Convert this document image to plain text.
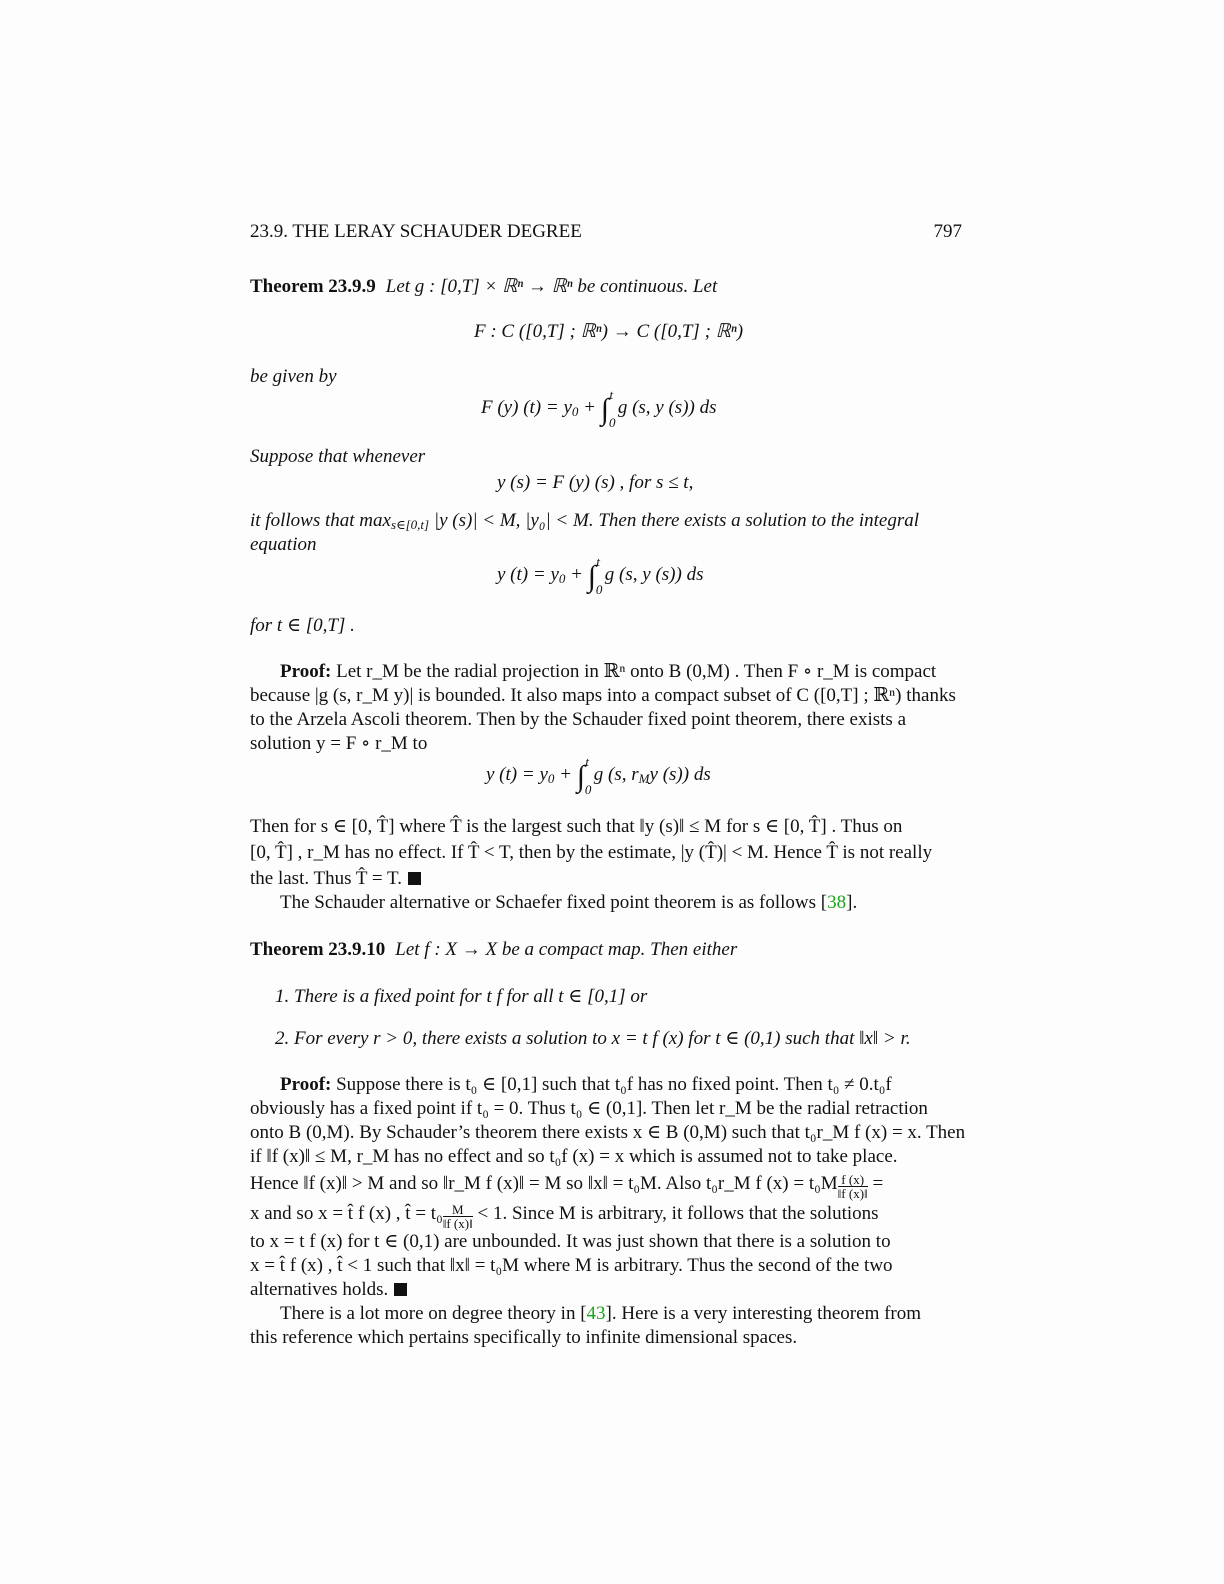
23.9. THE LERAY SCHAUDER DEGREE	797
Theorem 23.9.9 Let g : [0,T] × ℝⁿ → ℝⁿ be continuous. Let
F : C ([0,T] ; ℝⁿ) → C ([0,T] ; ℝⁿ)
be given by
F (y) $(t) = y_0 + \int_0^t$ g (s, y (s)) ds
Suppose that whenever
y (s) = F (y) (s) , for s ≤ t,
it follows that $\max_{s\in[0,t]} |y$ (s)| < M, |y₀| < M. Then there exists a solution to the integral
equation
y $(t) = y_0 + \int_0^t$ g (s, y (s)) ds
for t ∈ [0,T] .
Proof: Let r_M be the radial projection in ℝⁿ onto B (0,M) . Then F ∘ r_M is compact
because |g (s, r_M y)| is bounded. It also maps into a compact subset of C ([0,T] ; ℝⁿ) thanks
to the Arzela Ascoli theorem. Then by the Schauder fixed point theorem, there exists a
solution y = F ∘ r_M to
y $(t) = y_0 + \int_0^t$ g (s, $r_My$ (s)) ds
Then for s ∈ [0, T̂] where T̂ is the largest such that ‖y (s)‖ ≤ M for s ∈ [0, T̂] . Thus on
[0, T̂] , r_M has no effect. If T̂ < T, then by the estimate, |y (T̂)| < M. Hence T̂ is not really
the last. Thus T̂ = T.
The Schauder alternative or Schaefer fixed point theorem is as follows [38].
Theorem 23.9.10 Let f : X → X be a compact map. Then either
1. There is a fixed point for t f for all t ∈ [0,1] or
2. For every r > 0, there exists a solution to x = t f (x) for t ∈ (0,1) such that ‖x‖ > r.
Proof: Suppose there is t₀ ∈ [0,1] such that t₀f has no fixed point. Then t₀ ≠ 0.t₀f
obviously has a fixed point if t₀ = 0. Thus t₀ ∈ (0,1]. Then let r_M be the radial retraction
onto B (0,M). By Schauder’s theorem there exists x ∈ B (0,M) such that t₀r_M f (x) = x. Then
if ‖f (x)‖ ≤ M, r_M has no effect and so t₀f (x) = x which is assumed not to take place.
Hence ‖f (x)‖ > M and so ‖r_M f (x)‖ = M so ‖x‖ = t₀M. Also t₀r_M f $(x) = t_0M \frac{f (x)}{‖f (x)‖}$ =
x and so x = t̂ f (x) , t̂ = $t_0 \frac{M}{‖f (x)‖} < 1$. Since M is arbitrary, it follows that the solutions
to x = t f (x) for t ∈ (0,1) are unbounded. It was just shown that there is a solution to
x = t̂ f (x) , t̂ < 1 such that ‖x‖ = t₀M where M is arbitrary. Thus the second of the two
alternatives holds.
There is a lot more on degree theory in [43]. Here is a very interesting theorem from
this reference which pertains specifically to infinite dimensional spaces.
